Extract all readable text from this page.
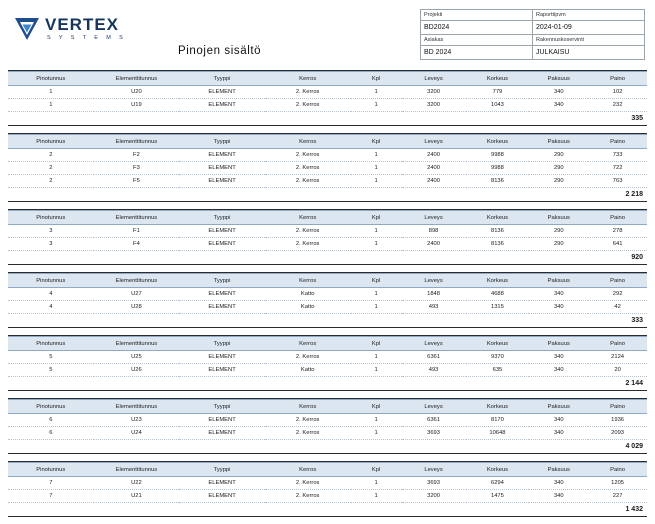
VERTEX
S Y S T E M S
Pinojen sisältö
Projekti	Raporttipvm
BD2024	2024-01-09
Asiakas	Rakennuskoservinti
BD 2024	JULKAISU
Pinotunnus	Elementtitunnus	Tyyppi	Kerros	Kpl	Leveys	Korkeus	Paksuus	Paino
1	U20	ELEMENT	2. Kerros	1	3200	779	340	102
1	U19	ELEMENT	2. Kerros	1	3200	1043	340	232
								335
Pinotunnus	Elementtitunnus	Tyyppi	Kerros	Kpl	Leveys	Korkeus	Paksuus	Paino
2	F2	ELEMENT	2. Kerros	1	2400	9988	290	733
2	F3	ELEMENT	2. Kerros	1	2400	9988	290	722
2	F5	ELEMENT	2. Kerros	1	2400	8136	290	763
								2 218
Pinotunnus	Elementtitunnus	Tyyppi	Kerros	Kpl	Leveys	Korkeus	Paksuus	Paino
3	F1	ELEMENT	2. Kerros	1	898	8136	290	278
3	F4	ELEMENT	2. Kerros	1	2400	8136	290	641
								920
Pinotunnus	Elementtitunnus	Tyyppi	Kerros	Kpl	Leveys	Korkeus	Paksuus	Paino
4	U27	ELEMENT	Katto	1	1848	4688	340	292
4	U28	ELEMENT	Katto	1	493	1315	340	42
								333
Pinotunnus	Elementtitunnus	Tyyppi	Kerros	Kpl	Leveys	Korkeus	Paksuus	Paino
5	U25	ELEMENT	2. Kerros	1	6361	9370	340	2124
5	U26	ELEMENT	Katto	1	493	635	340	20
								2 144
Pinotunnus	Elementtitunnus	Tyyppi	Kerros	Kpl	Leveys	Korkeus	Paksuus	Paino
6	U23	ELEMENT	2. Kerros	1	6361	8170	340	1936
6	U24	ELEMENT	2. Kerros	1	3693	10648	340	2093
								4 029
Pinotunnus	Elementtitunnus	Tyyppi	Kerros	Kpl	Leveys	Korkeus	Paksuus	Paino
7	U22	ELEMENT	2. Kerros	1	3693	6294	340	1205
7	U21	ELEMENT	2. Kerros	1	3200	1475	340	227
								1 432
